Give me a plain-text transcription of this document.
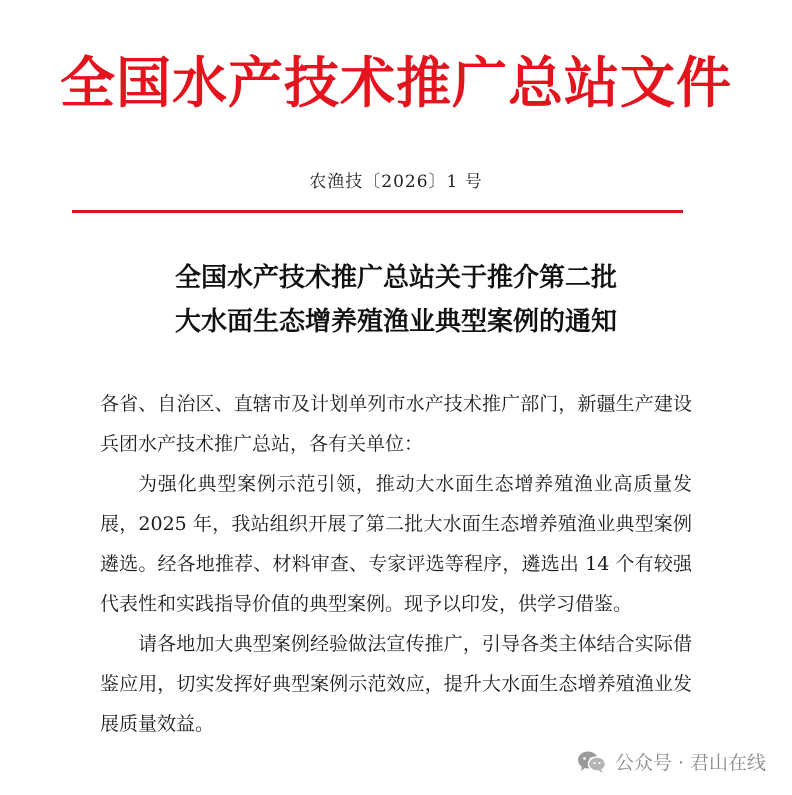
全国水产技术推广总站文件
农渔技〔2026〕1 号
全国水产技术推广总站关于推介第二批
大水面生态增养殖渔业典型案例的通知

各省、自治区、直辖市及计划单列市水产技术推广部门，新疆生产建设兵团水产技术推广总站，各有关单位：

为强化典型案例示范引领，推动大水面生态增养殖渔业高质量发展，2025 年，我站组织开展了第二批大水面生态增养殖渔业典型案例遴选。经各地推荐、材料审查、专家评选等程序，遴选出 14 个有较强代表性和实践指导价值的典型案例。现予以印发，供学习借鉴。

请各地加大典型案例经验做法宣传推广，引导各类主体结合实际借鉴应用，切实发挥好典型案例示范效应，提升大水面生态增养殖渔业发展质量效益。

公众号 · 君山在线
